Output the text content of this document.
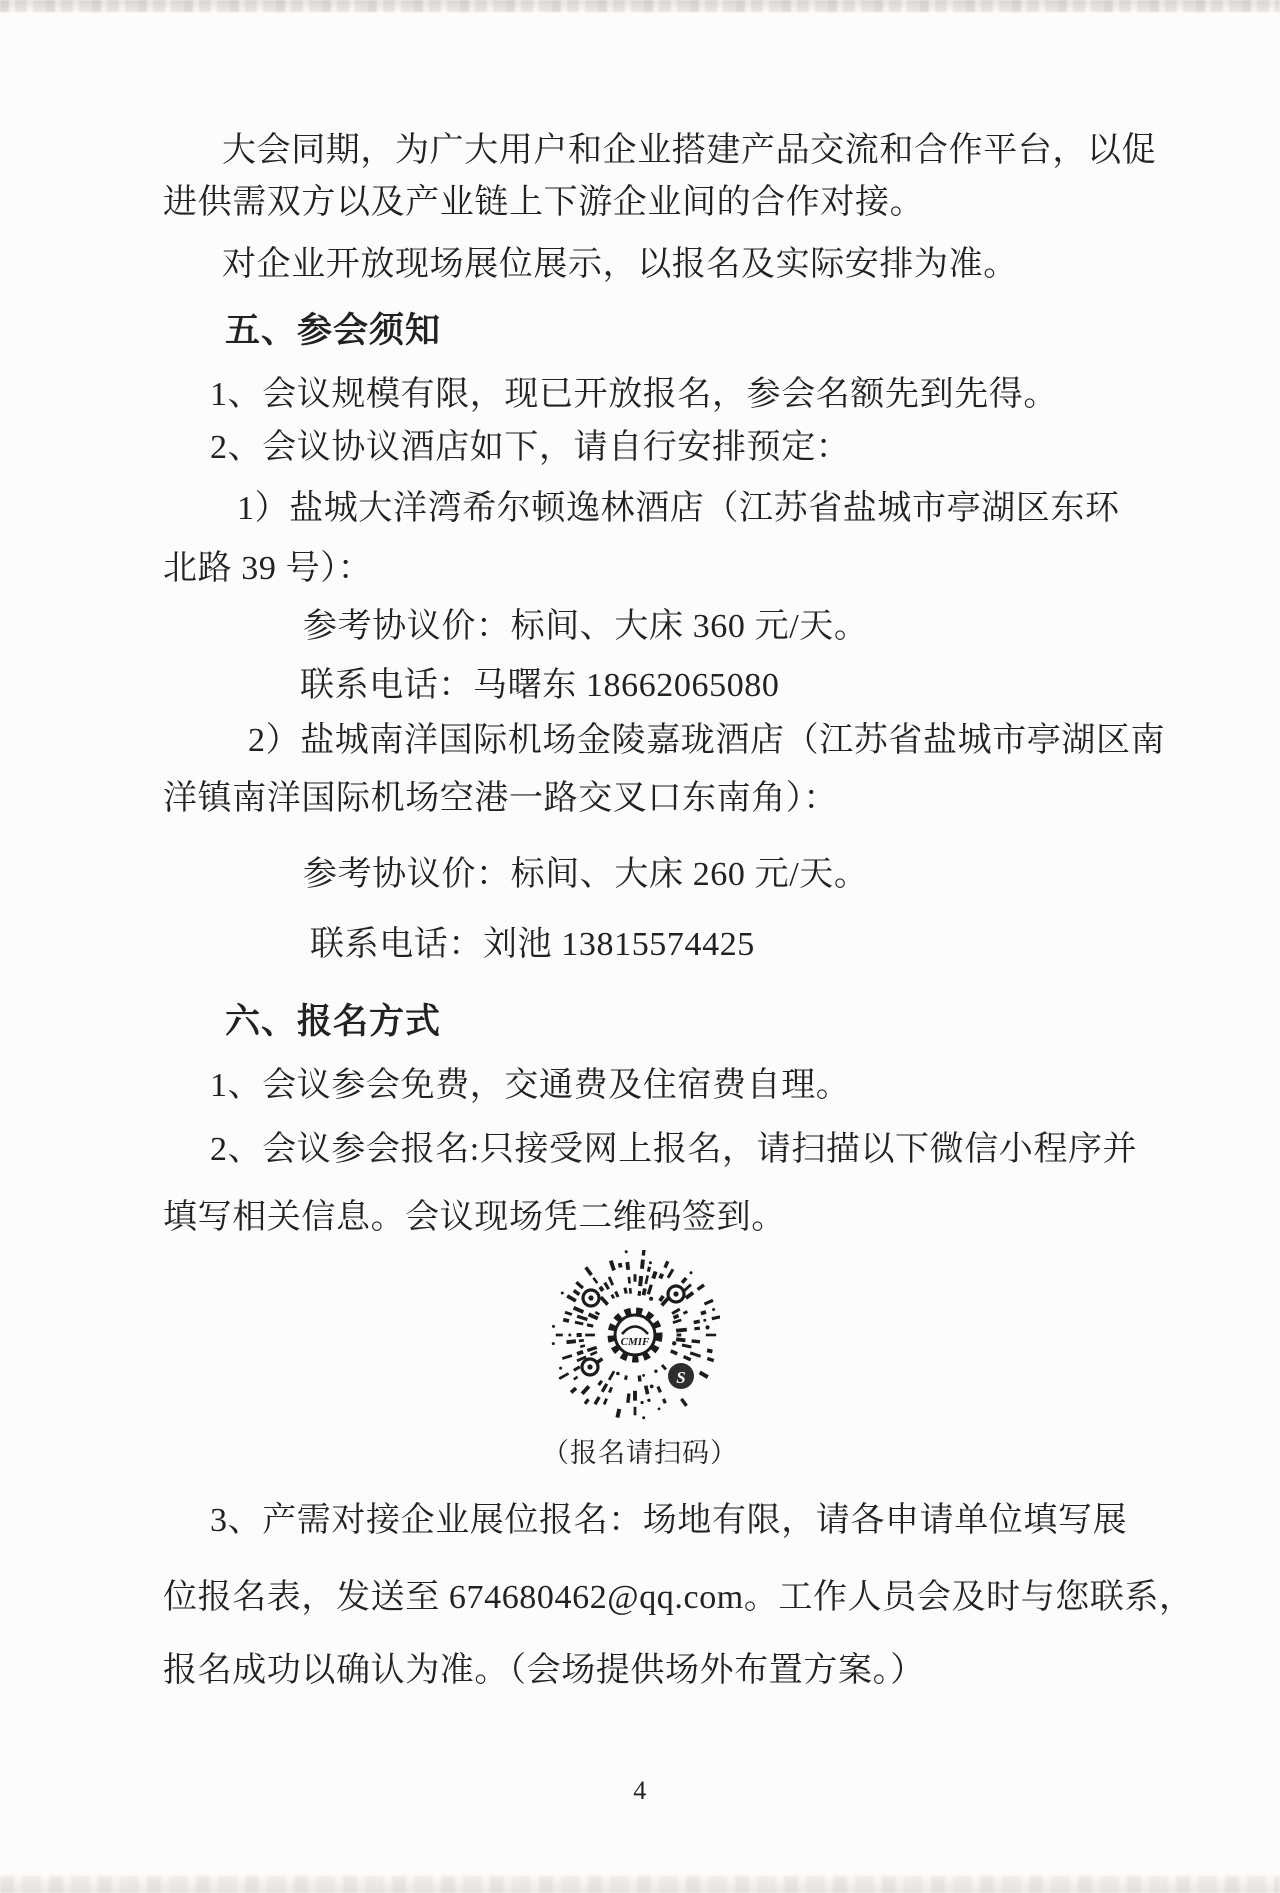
大会同期，为广大用户和企业搭建产品交流和合作平台，以促
进供需双方以及产业链上下游企业间的合作对接。
对企业开放现场展位展示，以报名及实际安排为准。
五、参会须知
1、会议规模有限，现已开放报名，参会名额先到先得。
2、会议协议酒店如下，请自行安排预定：
1）盐城大洋湾希尔顿逸林酒店（江苏省盐城市亭湖区东环
北路 39 号）：
参考协议价：标间、大床 360 元/天。
联系电话：马曙东 18662065080
2）盐城南洋国际机场金陵嘉珑酒店（江苏省盐城市亭湖区南
洋镇南洋国际机场空港一路交叉口东南角）：
参考协议价：标间、大床 260 元/天。
联系电话：刘池 13815574425
六、报名方式
1、会议参会免费，交通费及住宿费自理。
2、会议参会报名:只接受网上报名，请扫描以下微信小程序并
填写相关信息。会议现场凭二维码签到。
CMIF
S
（报名请扫码）
3、产需对接企业展位报名：场地有限，请各申请单位填写展
位报名表，发送至 674680462@qq.com。工作人员会及时与您联系，
报名成功以确认为准。（会场提供场外布置方案。）
4
